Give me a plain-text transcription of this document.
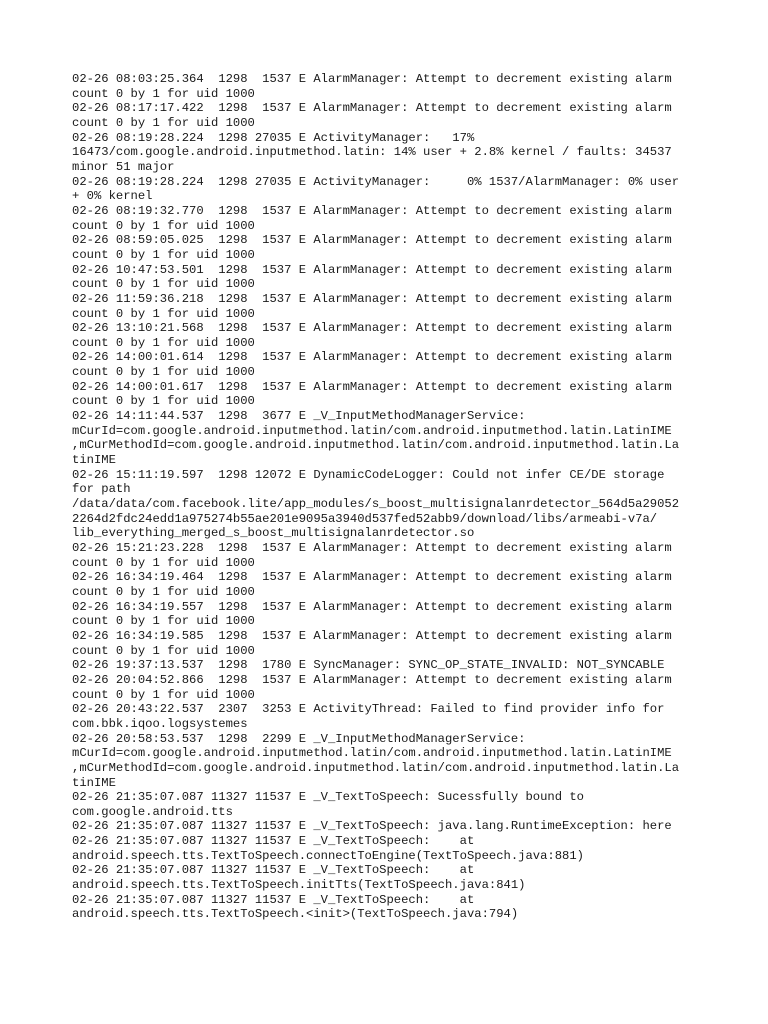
02-26 08:03:25.364  1298  1537 E AlarmManager: Attempt to decrement existing alarm
count 0 by 1 for uid 1000
02-26 08:17:17.422  1298  1537 E AlarmManager: Attempt to decrement existing alarm
count 0 by 1 for uid 1000
02-26 08:19:28.224  1298 27035 E ActivityManager:   17%
16473/com.google.android.inputmethod.latin: 14% user + 2.8% kernel / faults: 34537
minor 51 major
02-26 08:19:28.224  1298 27035 E ActivityManager:     0% 1537/AlarmManager: 0% user
+ 0% kernel
02-26 08:19:32.770  1298  1537 E AlarmManager: Attempt to decrement existing alarm
count 0 by 1 for uid 1000
02-26 08:59:05.025  1298  1537 E AlarmManager: Attempt to decrement existing alarm
count 0 by 1 for uid 1000
02-26 10:47:53.501  1298  1537 E AlarmManager: Attempt to decrement existing alarm
count 0 by 1 for uid 1000
02-26 11:59:36.218  1298  1537 E AlarmManager: Attempt to decrement existing alarm
count 0 by 1 for uid 1000
02-26 13:10:21.568  1298  1537 E AlarmManager: Attempt to decrement existing alarm
count 0 by 1 for uid 1000
02-26 14:00:01.614  1298  1537 E AlarmManager: Attempt to decrement existing alarm
count 0 by 1 for uid 1000
02-26 14:00:01.617  1298  1537 E AlarmManager: Attempt to decrement existing alarm
count 0 by 1 for uid 1000
02-26 14:11:44.537  1298  3677 E _V_InputMethodManagerService:
mCurId=com.google.android.inputmethod.latin/com.android.inputmethod.latin.LatinIME
,mCurMethodId=com.google.android.inputmethod.latin/com.android.inputmethod.latin.La
tinIME
02-26 15:11:19.597  1298 12072 E DynamicCodeLogger: Could not infer CE/DE storage
for path
/data/data/com.facebook.lite/app_modules/s_boost_multisignalanrdetector_564d5a29052
2264d2fdc24edd1a975274b55ae201e9095a3940d537fed52abb9/download/libs/armeabi-v7a/
lib_everything_merged_s_boost_multisignalanrdetector.so
02-26 15:21:23.228  1298  1537 E AlarmManager: Attempt to decrement existing alarm
count 0 by 1 for uid 1000
02-26 16:34:19.464  1298  1537 E AlarmManager: Attempt to decrement existing alarm
count 0 by 1 for uid 1000
02-26 16:34:19.557  1298  1537 E AlarmManager: Attempt to decrement existing alarm
count 0 by 1 for uid 1000
02-26 16:34:19.585  1298  1537 E AlarmManager: Attempt to decrement existing alarm
count 0 by 1 for uid 1000
02-26 19:37:13.537  1298  1780 E SyncManager: SYNC_OP_STATE_INVALID: NOT_SYNCABLE
02-26 20:04:52.866  1298  1537 E AlarmManager: Attempt to decrement existing alarm
count 0 by 1 for uid 1000
02-26 20:43:22.537  2307  3253 E ActivityThread: Failed to find provider info for
com.bbk.iqoo.logsystemes
02-26 20:58:53.537  1298  2299 E _V_InputMethodManagerService:
mCurId=com.google.android.inputmethod.latin/com.android.inputmethod.latin.LatinIME
,mCurMethodId=com.google.android.inputmethod.latin/com.android.inputmethod.latin.La
tinIME
02-26 21:35:07.087 11327 11537 E _V_TextToSpeech: Sucessfully bound to
com.google.android.tts
02-26 21:35:07.087 11327 11537 E _V_TextToSpeech: java.lang.RuntimeException: here
02-26 21:35:07.087 11327 11537 E _V_TextToSpeech:    at
android.speech.tts.TextToSpeech.connectToEngine(TextToSpeech.java:881)
02-26 21:35:07.087 11327 11537 E _V_TextToSpeech:    at
android.speech.tts.TextToSpeech.initTts(TextToSpeech.java:841)
02-26 21:35:07.087 11327 11537 E _V_TextToSpeech:    at
android.speech.tts.TextToSpeech.<init>(TextToSpeech.java:794)
